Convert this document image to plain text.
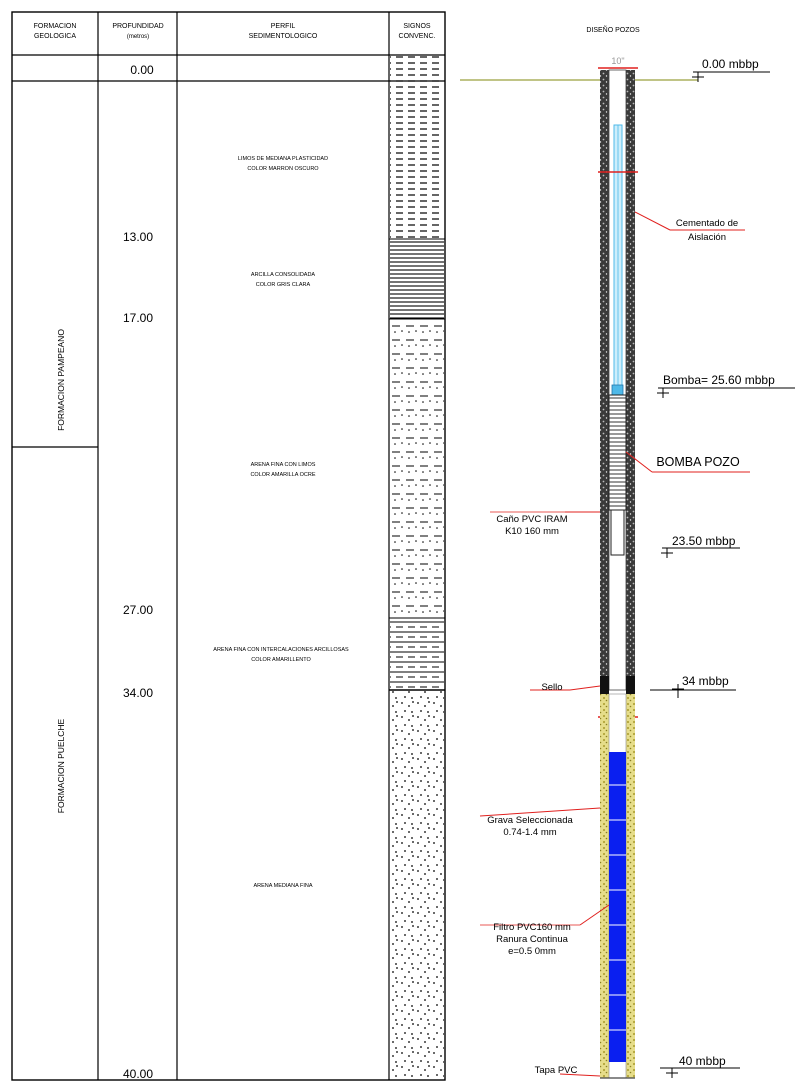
FORMACION
GEOLOGICA
PROFUNDIDAD
(metros)
PERFIL
SEDIMENTOLOGICO
SIGNOS
CONVENC.
FORMACION PAMPEANO
FORMACION PUELCHE
0.00
13.00
17.00
27.00
34.00
40.00
LIMOS DE MEDIANA PLASTICIDAD
COLOR MARRON OSCURO
ARCILLA CONSOLIDADA
COLOR GRIS CLARA
ARENA FINA CON LIMOS
COLOR AMARILLA OCRE
ARENA FINA CON INTERCALACIONES ARCILLOSAS
COLOR AMARILLENTO
ARENA MEDIANA FINA
DISEÑO POZOS
10"	0.00 mbbp
Bomba= 25.60 mbbp
23.50 mbbp
34 mbbp
40 mbbp
Cementado de
Aislación
BOMBA POZO
Caño PVC IRAM
K10 160 mm
Sello
Grava Seleccionada
0.74-1.4 mm
Filtro PVC160 mm
Ranura Continua
e=0.5 0mm
Tapa PVC
